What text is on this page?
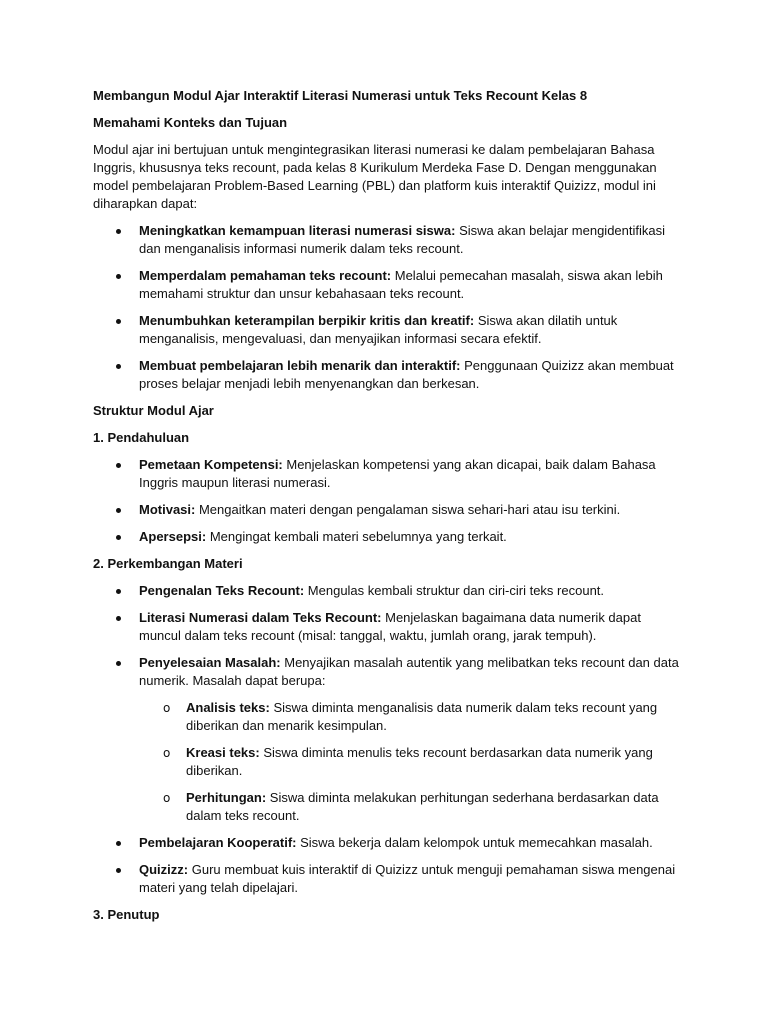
Membangun Modul Ajar Interaktif Literasi Numerasi untuk Teks Recount Kelas 8

Memahami Konteks dan Tujuan

Modul ajar ini bertujuan untuk mengintegrasikan literasi numerasi ke dalam pembelajaran Bahasa Inggris, khususnya teks recount, pada kelas 8 Kurikulum Merdeka Fase D. Dengan menggunakan model pembelajaran Problem-Based Learning (PBL) dan platform kuis interaktif Quizizz, modul ini diharapkan dapat:

Meningkatkan kemampuan literasi numerasi siswa: Siswa akan belajar mengidentifikasi dan menganalisis informasi numerik dalam teks recount.
Memperdalam pemahaman teks recount: Melalui pemecahan masalah, siswa akan lebih memahami struktur dan unsur kebahasaan teks recount.
Menumbuhkan keterampilan berpikir kritis dan kreatif: Siswa akan dilatih untuk menganalisis, mengevaluasi, dan menyajikan informasi secara efektif.
Membuat pembelajaran lebih menarik dan interaktif: Penggunaan Quizizz akan membuat proses belajar menjadi lebih menyenangkan dan berkesan.

Struktur Modul Ajar

1. Pendahuluan

Pemetaan Kompetensi: Menjelaskan kompetensi yang akan dicapai, baik dalam Bahasa Inggris maupun literasi numerasi.
Motivasi: Mengaitkan materi dengan pengalaman siswa sehari-hari atau isu terkini.
Apersepsi: Mengingat kembali materi sebelumnya yang terkait.

2. Perkembangan Materi

Pengenalan Teks Recount: Mengulas kembali struktur dan ciri-ciri teks recount.
Literasi Numerasi dalam Teks Recount: Menjelaskan bagaimana data numerik dapat muncul dalam teks recount (misal: tanggal, waktu, jumlah orang, jarak tempuh).
Penyelesaian Masalah: Menyajikan masalah autentik yang melibatkan teks recount dan data numerik. Masalah dapat berupa:
o Analisis teks: Siswa diminta menganalisis data numerik dalam teks recount yang diberikan dan menarik kesimpulan.
o Kreasi teks: Siswa diminta menulis teks recount berdasarkan data numerik yang diberikan.
o Perhitungan: Siswa diminta melakukan perhitungan sederhana berdasarkan data dalam teks recount.
Pembelajaran Kooperatif: Siswa bekerja dalam kelompok untuk memecahkan masalah.
Quizizz: Guru membuat kuis interaktif di Quizizz untuk menguji pemahaman siswa mengenai materi yang telah dipelajari.

3. Penutup
